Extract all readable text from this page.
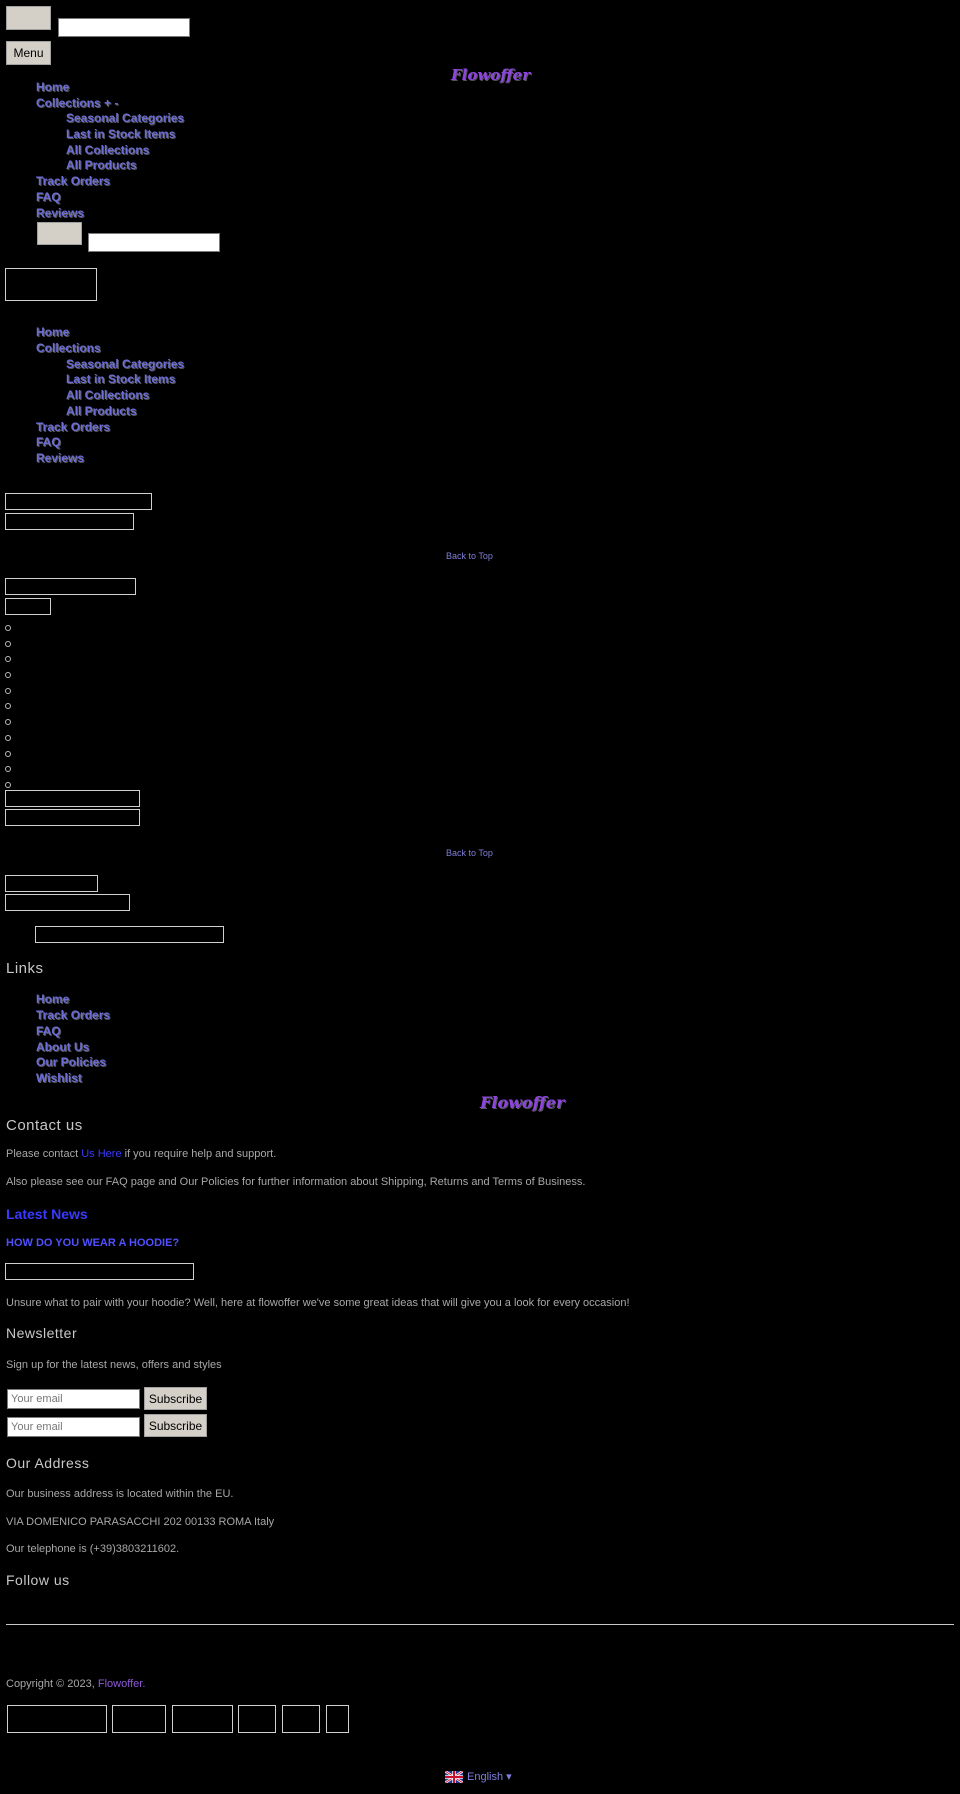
Menu
Flowoffer
Home
Collections + -
Seasonal Categories
Last in Stock Items
All Collections
All Products
Track Orders
FAQ
Reviews
Home
Collections
Seasonal Categories
Last in Stock Items
All Collections
All Products
Track Orders
FAQ
Reviews
Back to Top
Back to Top
Links
Home
Track Orders
FAQ
About Us
Our Policies
Wishlist
Flowoffer
Contact us
Please contact Us Here if you require help and support.
Also please see our FAQ page and Our Policies for further information about Shipping, Returns and Terms of Business.
Latest News
HOW DO YOU WEAR A HOODIE?
Unsure what to pair with your hoodie? Well, here at flowoffer we've some great ideas that will give you a look for every occasion!
Newsletter
Sign up for the latest news, offers and styles
Your email
Subscribe
Your email
Subscribe
Our Address
Our business address is located within the EU.
VIA DOMENICO PARASACCHI 202 00133 ROMA Italy
Our telephone is (+39)3803211602.
Follow us
Copyright © 2023, Flowoffer.
English ▾
